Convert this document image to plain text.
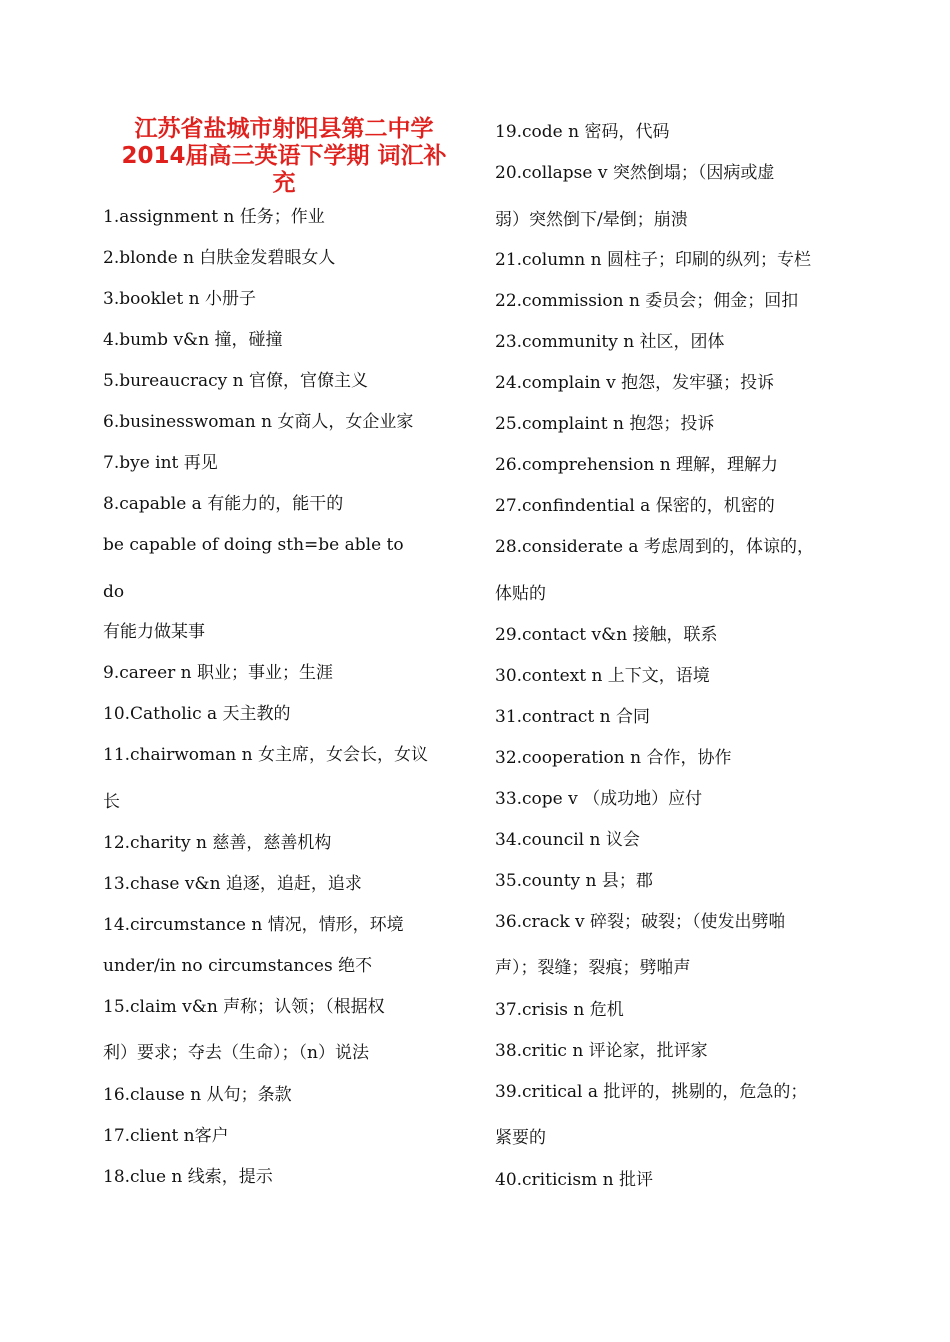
江苏省盐城市射阳县第二中学
2014届高三英语下学期 词汇补
充
1.assignment n 任务；作业
2.blonde n 白肤金发碧眼女人
3.booklet n 小册子
4.bumb v&n 撞，碰撞
5.bureaucracy n 官僚，官僚主义
6.businesswoman n 女商人，女企业家
7.bye int 再见
8.capable a 有能力的，能干的
be capable of doing sth=be able to
do
有能力做某事
9.career n 职业；事业；生涯
10.Catholic a 天主教的
11.chairwoman n 女主席，女会长，女议
长
12.charity n 慈善，慈善机构
13.chase v&n 追逐，追赶，追求
14.circumstance n 情况，情形，环境
under/in no circumstances 绝不
15.claim v&n 声称；认领；（根据权
利）要求；夺去（生命）；（n）说法
16.clause n 从句；条款
17.client n客户
18.clue n 线索，提示
19.code n 密码，代码
20.collapse v 突然倒塌；（因病或虚
弱）突然倒下/晕倒；崩溃
21.column n 圆柱子；印刷的纵列；专栏
22.commission n 委员会；佣金；回扣
23.community n 社区，团体
24.complain v 抱怨，发牢骚；投诉
25.complaint n 抱怨；投诉
26.comprehension n 理解，理解力
27.confindential a 保密的，机密的
28.considerate a 考虑周到的，体谅的，
体贴的
29.contact v&n 接触，联系
30.context n 上下文，语境
31.contract n 合同
32.cooperation n 合作，协作
33.cope v （成功地）应付
34.council n 议会
35.county n 县；郡
36.crack v 碎裂；破裂；（使发出劈啪
声）；裂缝；裂痕；劈啪声
37.crisis n 危机
38.critic n 评论家，批评家
39.critical a 批评的，挑剔的，危急的；
紧要的
40.criticism n 批评
